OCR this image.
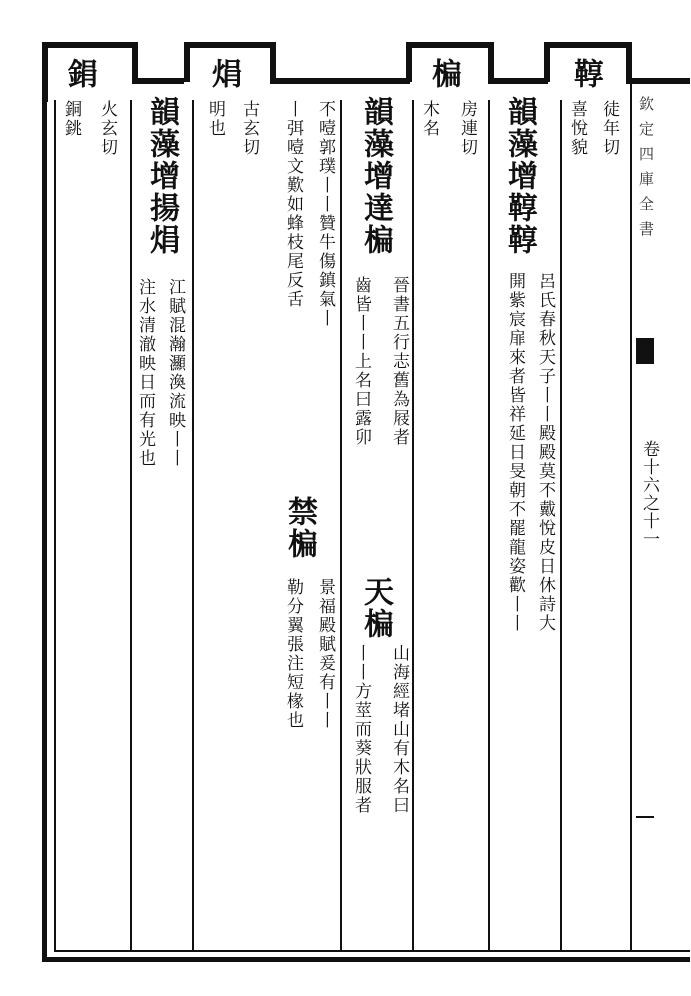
欽定四庫全書
卷十六之十一
鞟
徒年切
喜悅貌
韻藻增鞟鞟
呂氏春秋天子丨丨殿殿莫不戴悅皮日休詩大
開紫宸扉來者皆祥延日旻朝不罷龍姿歡丨丨
楄
房連切
木名
韻藻增達楄
晉書五行志舊為屐者
齒皆丨丨上名曰露卯
天楄
山海經堵山有木名曰
丨丨方莖而葵狀服者
禁楄
景福殿賦爰有丨丨
勒分翼張注短椽也
不噎郭璞丨丨贊牛傷鎮氣丨
丨弭噎文歎如蜂枝尾反舌
焆
古玄切
明也
韻藻增揚焆
江賦混瀚灦渙流映丨丨
注水清澈映日而有光也
鋗
火玄切
銅銚
